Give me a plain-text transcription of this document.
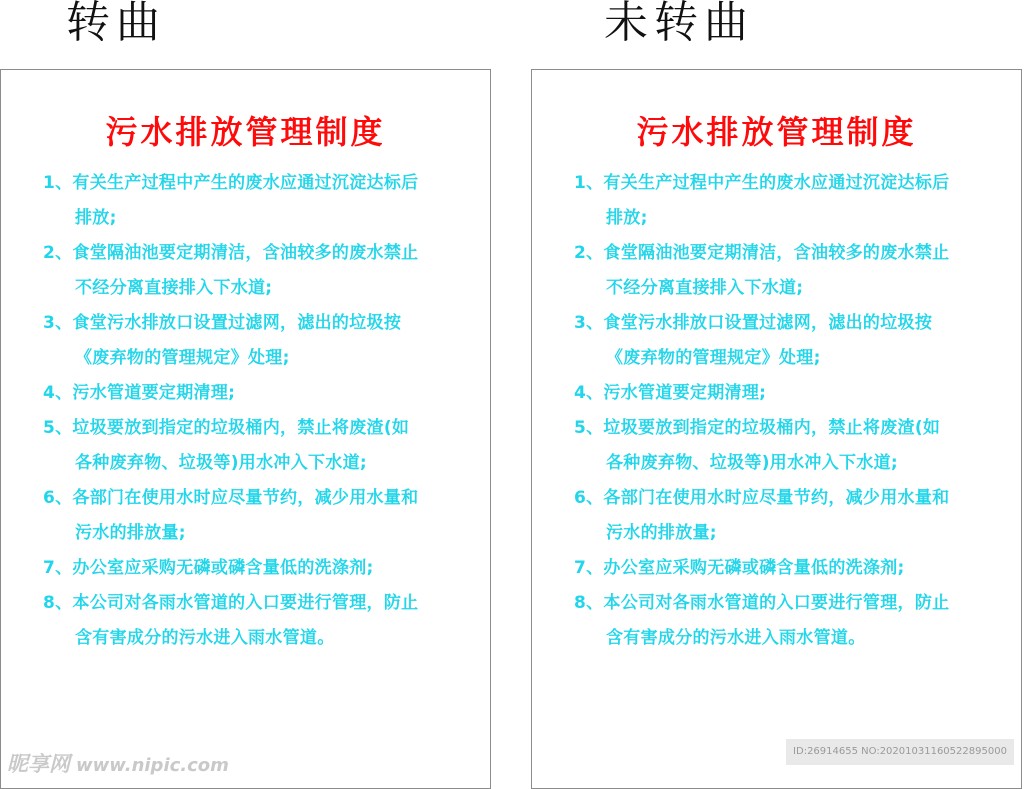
转曲	未转曲
污水排放管理制度
1、有关生产过程中产生的废水应通过沉淀达标后
排放;
2、食堂隔油池要定期清洁，含油较多的废水禁止
不经分离直接排入下水道;
3、食堂污水排放口设置过滤网，滤出的垃圾按
《废弃物的管理规定》处理;
4、污水管道要定期清理;
5、垃圾要放到指定的垃圾桶内，禁止将废渣(如
各种废弃物、垃圾等)用水冲入下水道;
6、各部门在使用水时应尽量节约，减少用水量和
污水的排放量;
7、办公室应采购无磷或磷含量低的洗涤剂;
8、本公司对各雨水管道的入口要进行管理，防止
含有害成分的污水进入雨水管道。
昵享网 www.nipic.com
污水排放管理制度
1、有关生产过程中产生的废水应通过沉淀达标后
排放;
2、食堂隔油池要定期清洁，含油较多的废水禁止
不经分离直接排入下水道;
3、食堂污水排放口设置过滤网，滤出的垃圾按
《废弃物的管理规定》处理;
4、污水管道要定期清理;
5、垃圾要放到指定的垃圾桶内，禁止将废渣(如
各种废弃物、垃圾等)用水冲入下水道;
6、各部门在使用水时应尽量节约，减少用水量和
污水的排放量;
7、办公室应采购无磷或磷含量低的洗涤剂;
8、本公司对各雨水管道的入口要进行管理，防止
含有害成分的污水进入雨水管道。
ID:26914655 NO:20201031160522895000
